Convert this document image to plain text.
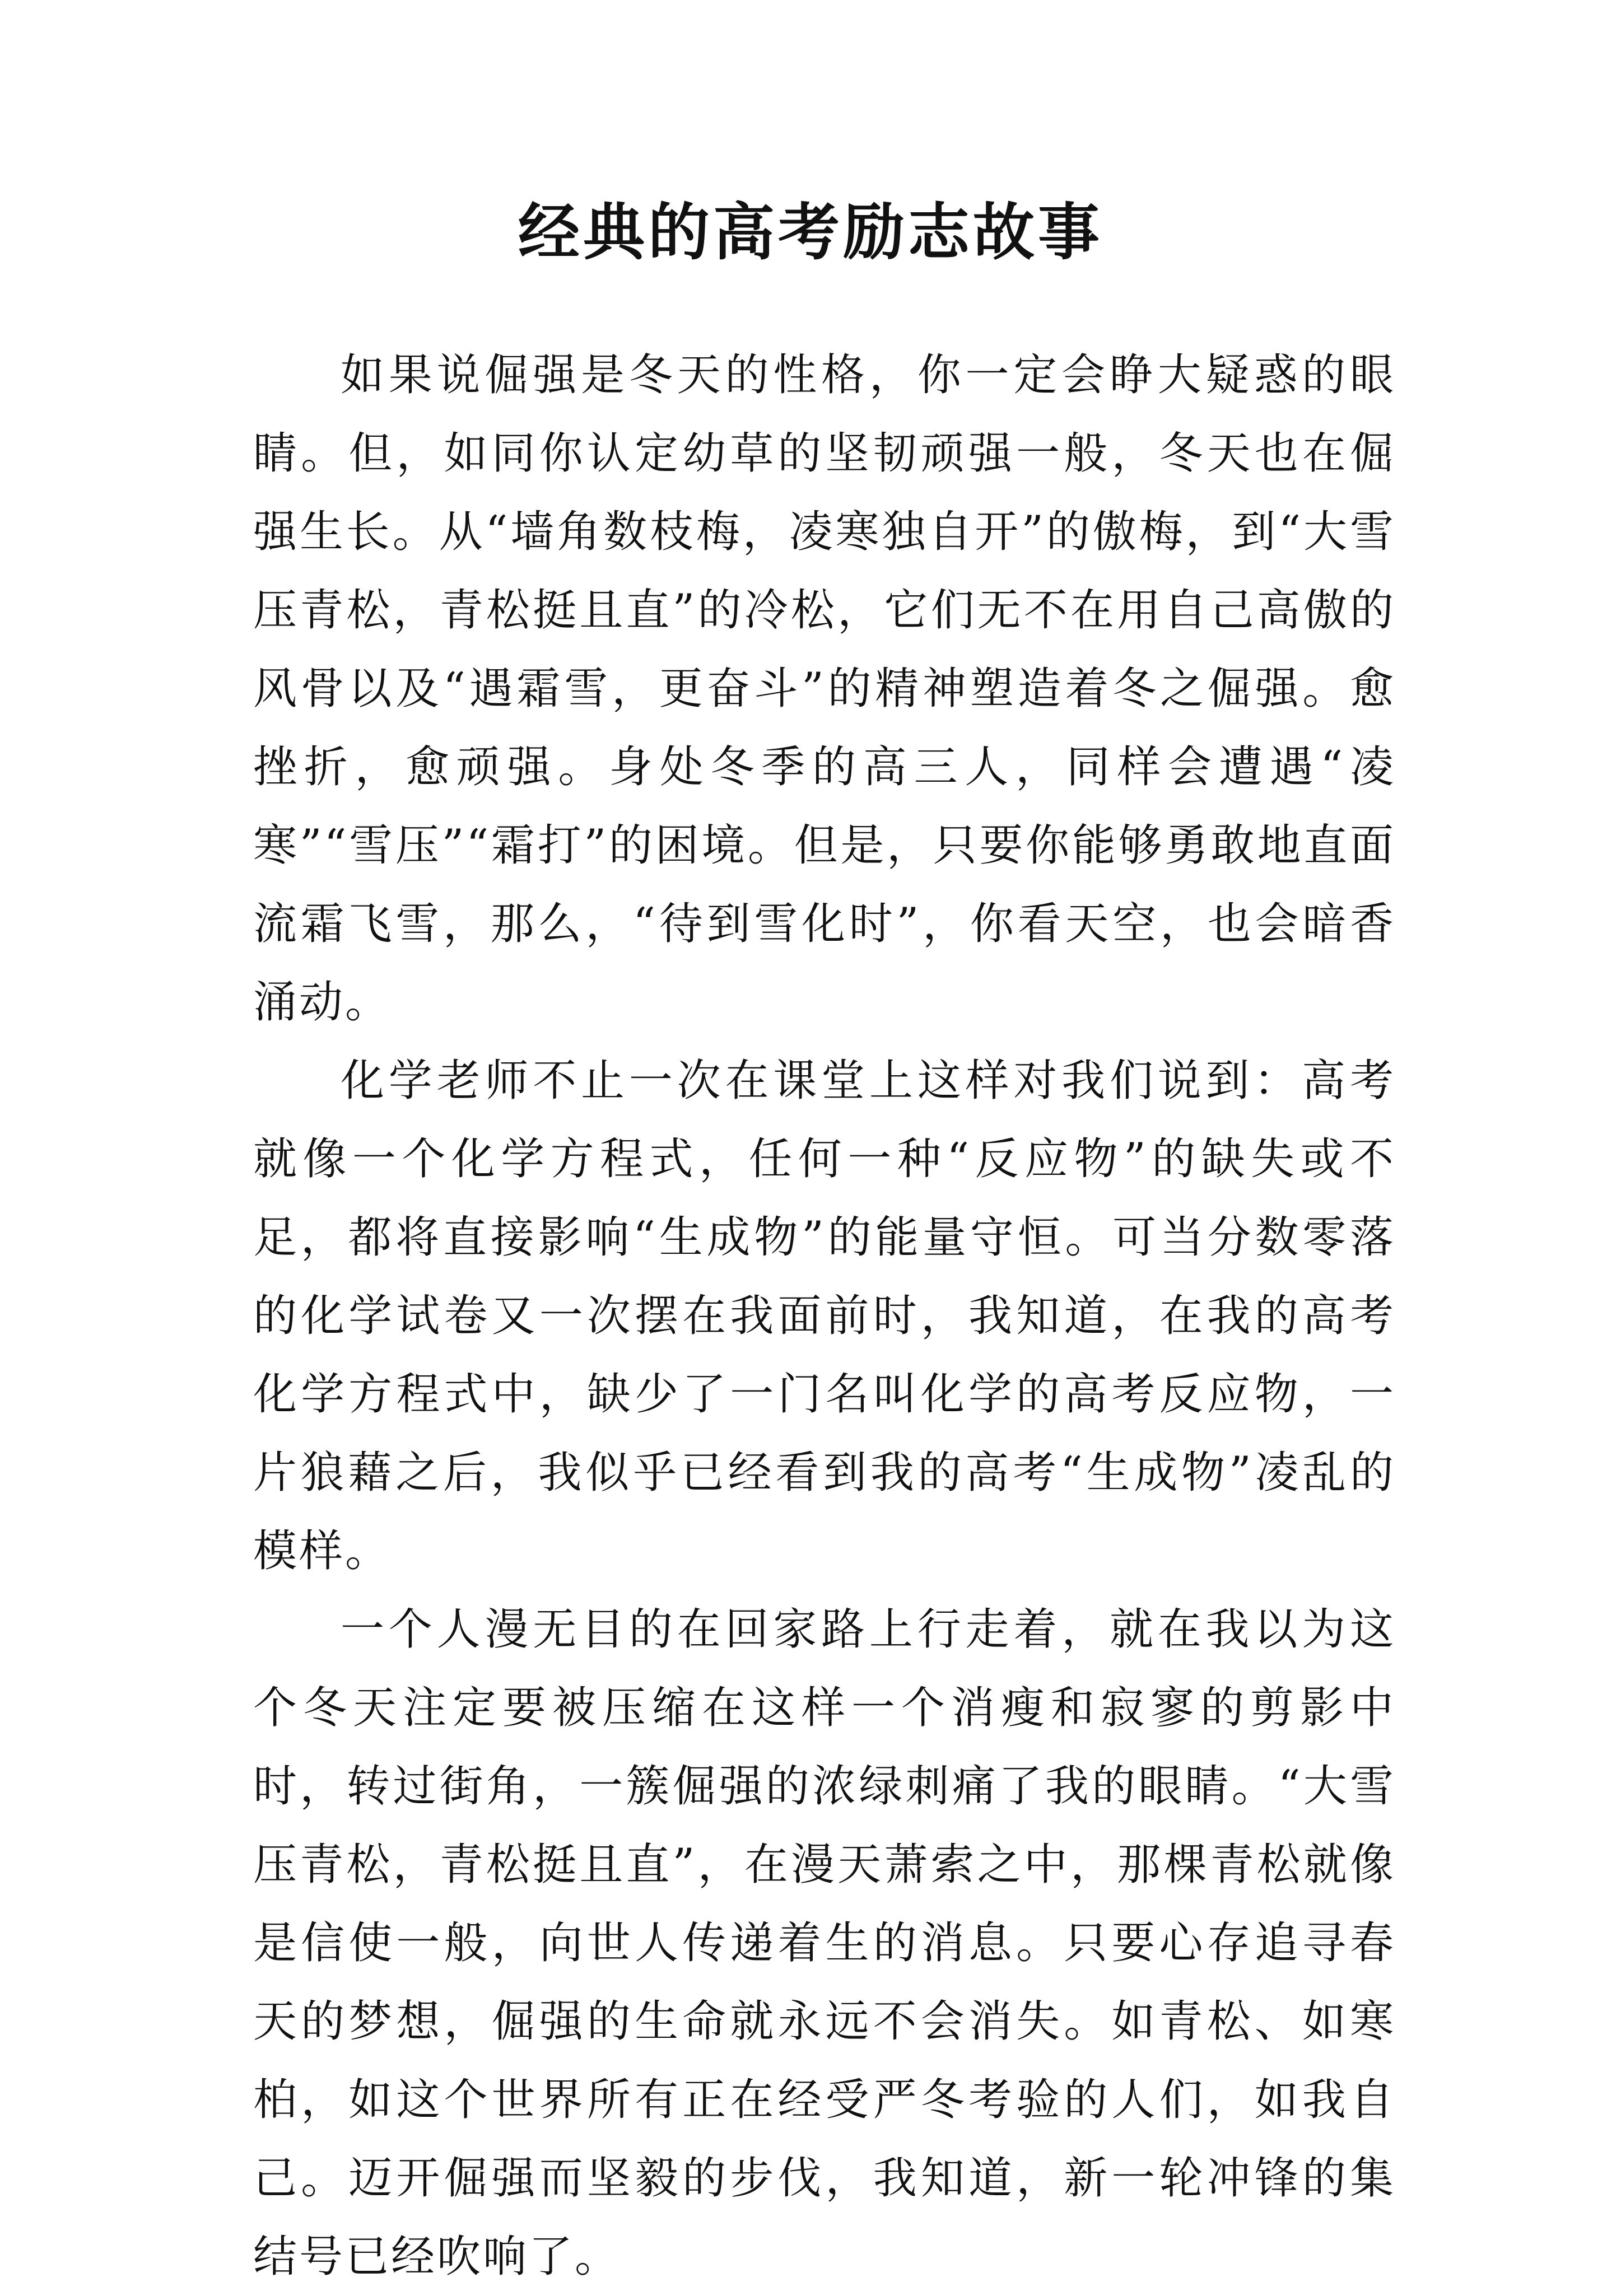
经典的高考励志故事

如果说倔强是冬天的性格，你一定会睁大疑惑的眼睛。但，如同你认定幼草的坚韧顽强一般，冬天也在倔强生长。从“墙角数枝梅，凌寒独自开”的傲梅，到“大雪压青松，青松挺且直”的冷松，它们无不在用自己高傲的风骨以及“遇霜雪，更奋斗”的精神塑造着冬之倔强。愈挫折，愈顽强。身处冬季的高三人，同样会遭遇“凌寒”“雪压”“霜打”的困境。但是，只要你能够勇敢地直面流霜飞雪，那么，“待到雪化时”，你看天空，也会暗香涌动。

化学老师不止一次在课堂上这样对我们说到：高考就像一个化学方程式，任何一种“反应物”的缺失或不足，都将直接影响“生成物”的能量守恒。可当分数零落的化学试卷又一次摆在我面前时，我知道，在我的高考化学方程式中，缺少了一门名叫化学的高考反应物，一片狼藉之后，我似乎已经看到我的高考“生成物”凌乱的模样。

一个人漫无目的在回家路上行走着，就在我以为这个冬天注定要被压缩在这样一个消瘦和寂寥的剪影中时，转过街角，一簇倔强的浓绿刺痛了我的眼睛。“大雪压青松，青松挺且直”，在漫天萧索之中，那棵青松就像是信使一般，向世人传递着生的消息。只要心存追寻春天的梦想，倔强的生命就永远不会消失。如青松、如寒柏，如这个世界所有正在经受严冬考验的人们，如我自己。迈开倔强而坚毅的步伐，我知道，新一轮冲锋的集结号已经吹响了。
